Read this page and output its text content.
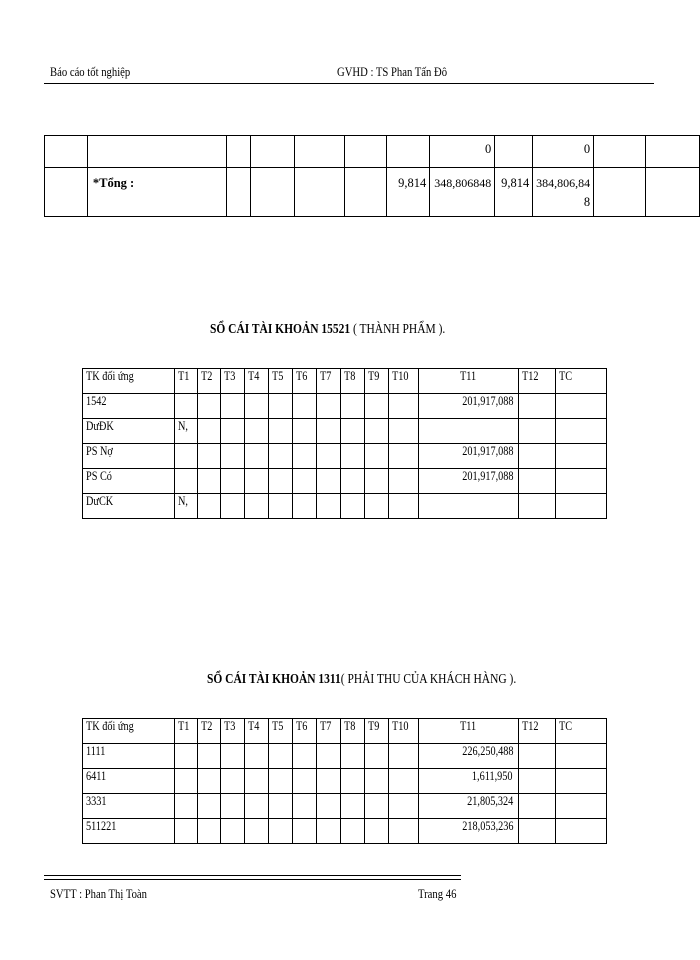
Báo cáo tốt nghiệp	GVHD : TS Phan Tấn Đô

							0		0		

	*Tổng :					9,814	348,806848	9,814	384,806,84
8		

SỔ CÁI TÀI KHOẢN 15521 ( THÀNH PHẨM ).
TK đối ứng	T1	T2	T3	T4	T5	T6	T7	T8	T9	T10	T11	T12	TC
1542											201,917,088		
DưĐK	N,												
PS Nợ											201,917,088		
PS Có											201,917,088		
DưCK	N,												
SỔ CÁI TÀI KHOẢN 1311( PHẢI THU CỦA KHÁCH HÀNG ).
TK đối ứng	T1	T2	T3	T4	T5	T6	T7	T8	T9	T10	T11	T12	TC
1111											226,250,488		
6411											1,611,950		
3331											21,805,324		
511221											218,053,236		
SVTT : Phan Thị Toàn	Trang 46
